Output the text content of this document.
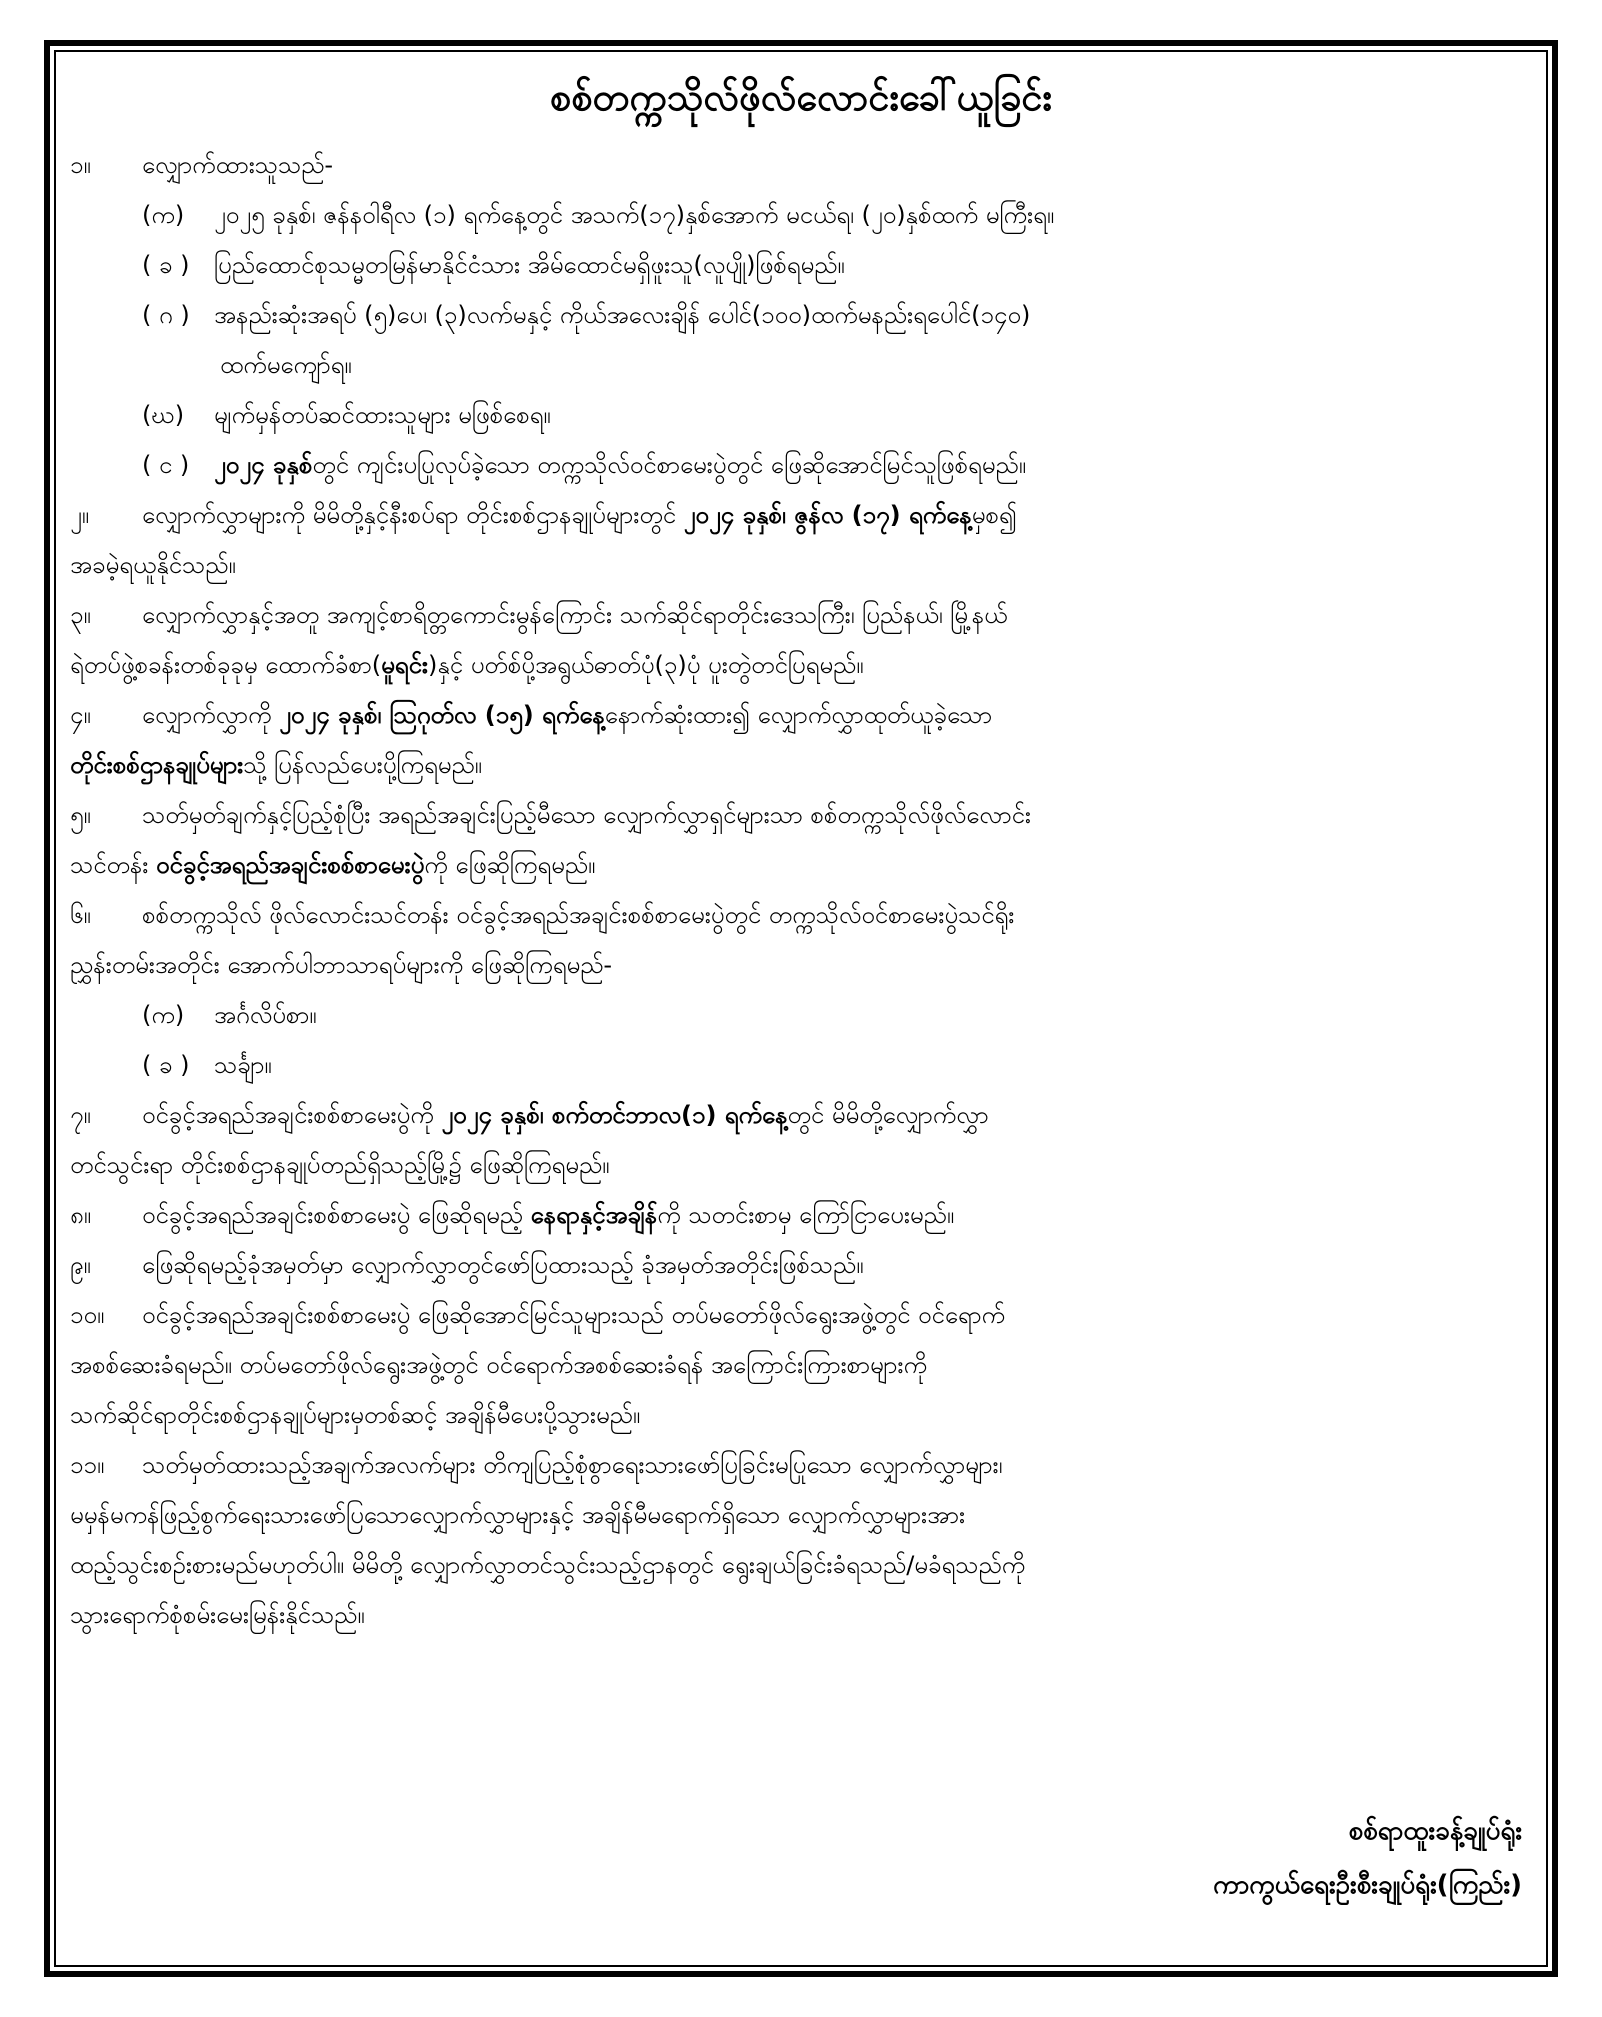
စစ်တက္ကသိုလ်ဖိုလ်လောင်းခေါ်ယူခြင်း
၁။ လျှောက်ထားသူသည်-
(က) ၂၀၂၅ ခုနှစ်၊ ဇန်နဝါရီလ (၁) ရက်နေ့တွင် အသက်(၁၇)နှစ်အောက် မငယ်ရ၊ (၂၀)နှစ်ထက် မကြီးရ။
( ခ ) ပြည်ထောင်စုသမ္မတမြန်မာနိုင်ငံသား အိမ်ထောင်မရှိဖူးသူ(လူပျို)ဖြစ်ရမည်။
( ဂ ) အနည်းဆုံးအရပ် (၅)ပေ၊ (၃)လက်မနှင့် ကိုယ်အလေးချိန် ပေါင်(၁၀၀)ထက်မနည်းရပေါင်(၁၄၀)
ထက်မကျော်ရ။
(ဃ) မျက်မှန်တပ်ဆင်ထားသူများ မဖြစ်စေရ။
( င ) ၂၀၂၄ ခုနှစ်တွင် ကျင်းပပြုလုပ်ခဲ့သော တက္ကသိုလ်ဝင်စာမေးပွဲတွင် ဖြေဆိုအောင်မြင်သူဖြစ်ရမည်။
၂။ လျှောက်လွှာများကို မိမိတို့နှင့်နီးစပ်ရာ တိုင်းစစ်ဌာနချုပ်များတွင် ၂၀၂၄ ခုနှစ်၊ ဇွန်လ (၁၇) ရက်နေ့မှစ၍
အခမဲ့ရယူနိုင်သည်။
၃။ လျှောက်လွှာနှင့်အတူ အကျင့်စာရိတ္တကောင်းမွန်ကြောင်း သက်ဆိုင်ရာတိုင်းဒေသကြီး၊ ပြည်နယ်၊ မြို့နယ်
ရဲတပ်ဖွဲ့စခန်းတစ်ခုခုမှ ထောက်ခံစာ(မူရင်း)နှင့် ပတ်စ်ပို့အရွယ်ဓာတ်ပုံ(၃)ပုံ ပူးတွဲတင်ပြရမည်။
၄။ လျှောက်လွှာကို ၂၀၂၄ ခုနှစ်၊ ဩဂုတ်လ (၁၅) ရက်နေ့နောက်ဆုံးထား၍ လျှောက်လွှာထုတ်ယူခဲ့သော
တိုင်းစစ်ဌာနချုပ်များသို့ ပြန်လည်ပေးပို့ကြရမည်။
၅။ သတ်မှတ်ချက်နှင့်ပြည့်စုံပြီး အရည်အချင်းပြည့်မီသော လျှောက်လွှာရှင်များသာ စစ်တက္ကသိုလ်ဖိုလ်လောင်း
သင်တန်း ဝင်ခွင့်အရည်အချင်းစစ်စာမေးပွဲကို ဖြေဆိုကြရမည်။
၆။ စစ်တက္ကသိုလ် ဖိုလ်လောင်းသင်တန်း ဝင်ခွင့်အရည်အချင်းစစ်စာမေးပွဲတွင် တက္ကသိုလ်ဝင်စာမေးပွဲသင်ရိုး
ညွှန်းတမ်းအတိုင်း အောက်ပါဘာသာရပ်များကို ဖြေဆိုကြရမည်-
(က) အင်္ဂလိပ်စာ။
( ခ ) သင်္ချာ။
၇။ ဝင်ခွင့်အရည်အချင်းစစ်စာမေးပွဲကို ၂၀၂၄ ခုနှစ်၊ စက်တင်ဘာလ(၁) ရက်နေ့တွင် မိမိတို့လျှောက်လွှာ
တင်သွင်းရာ တိုင်းစစ်ဌာနချုပ်တည်ရှိသည့်မြို့၌ ဖြေဆိုကြရမည်။
၈။ ဝင်ခွင့်အရည်အချင်းစစ်စာမေးပွဲ ဖြေဆိုရမည့် နေရာနှင့်အချိန်ကို သတင်းစာမှ ကြော်ငြာပေးမည်။
၉။ ဖြေဆိုရမည့်ခုံအမှတ်မှာ လျှောက်လွှာတွင်ဖော်ပြထားသည့် ခုံအမှတ်အတိုင်းဖြစ်သည်။
၁၀။ ဝင်ခွင့်အရည်အချင်းစစ်စာမေးပွဲ ဖြေဆိုအောင်မြင်သူများသည် တပ်မတော်ဖိုလ်ရွေးအဖွဲ့တွင် ဝင်ရောက်
အစစ်ဆေးခံရမည်။ တပ်မတော်ဖိုလ်ရွေးအဖွဲ့တွင် ဝင်ရောက်အစစ်ဆေးခံရန် အကြောင်းကြားစာများကို
သက်ဆိုင်ရာတိုင်းစစ်ဌာနချုပ်များမှတစ်ဆင့် အချိန်မီပေးပို့သွားမည်။
၁၁။ သတ်မှတ်ထားသည့်အချက်အလက်များ တိကျပြည့်စုံစွာရေးသားဖော်ပြခြင်းမပြုသော လျှောက်လွှာများ၊
မမှန်မကန်ဖြည့်စွက်ရေးသားဖော်ပြသောလျှောက်လွှာများနှင့် အချိန်မီမရောက်ရှိသော လျှောက်လွှာများအား
ထည့်သွင်းစဉ်းစားမည်မဟုတ်ပါ။ မိမိတို့ လျှောက်လွှာတင်သွင်းသည့်ဌာနတွင် ရွေးချယ်ခြင်းခံရသည်/မခံရသည်ကို
သွားရောက်စုံစမ်းမေးမြန်းနိုင်သည်။
စစ်ရာထူးခန့်ချုပ်ရုံး
ကာကွယ်ရေးဦးစီးချုပ်ရုံး(ကြည်း)
